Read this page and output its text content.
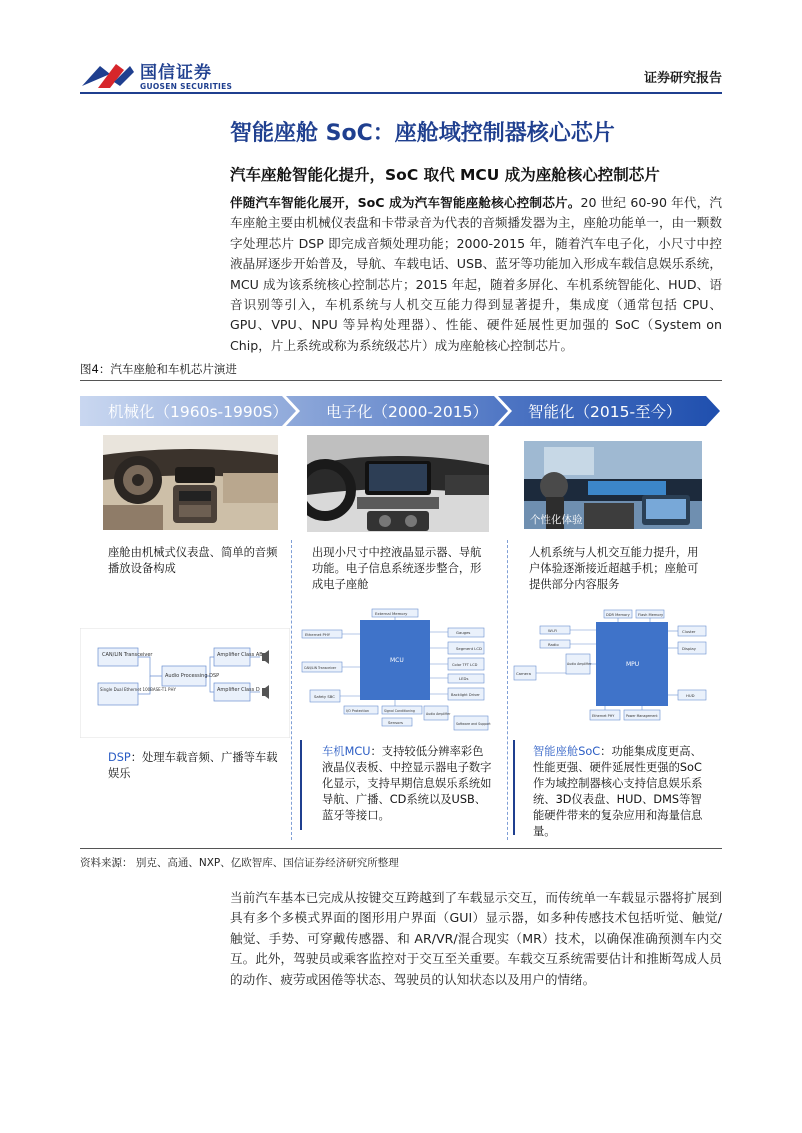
国信证券
GUOSEN SECURITIES
证券研究报告
智能座舱 SoC：座舱域控制器核心芯片
汽车座舱智能化提升，SoC 取代 MCU 成为座舱核心控制芯片
伴随汽车智能化展开，SoC 成为汽车智能座舱核心控制芯片。20 世纪 60-90 年代，汽车座舱主要由机械仪表盘和卡带录音为代表的音频播发器为主，座舱功能单一，由一颗数字处理芯片 DSP 即完成音频处理功能；2000-2015 年，随着汽车电子化，小尺寸中控液晶屏逐步开始普及，导航、车载电话、USB、蓝牙等功能加入形成车载信息娱乐系统，MCU 成为该系统核心控制芯片；2015 年起，随着多屏化、车机系统智能化、HUD、语音识别等引入，车机系统与人机交互能力得到显著提升，集成度（通常包括 CPU、GPU、VPU、NPU 等异构处理器）、性能、硬件延展性更加强的 SoC（System on Chip，片上系统或称为系统级芯片）成为座舱核心控制芯片。
图4：汽车座舱和车机芯片演进
机械化（1960s-1990S） 电子化（2000-2015）	智能化（2015-至今）
个性化体验
座舱由机械式仪表盘、简单的音频播放设备构成
出现小尺寸中控液晶显示器、导航功能。电子信息系统逐步整合，形成电子座舱
人机系统与人机交互能力提升，用户体验逐渐接近超越手机；座舱可提供部分内容服务
CAN/LIN Transceiver
Single Dual Ethernet 100BASE-T1 PHY
Audio Processing DSP
Amplifier Class AB
Amplifier Class D
MCU
External Memory
Ethernet PHY
CAN/LIN Transceiver
Safety SBC
I/O Protection	Signal Conditioning
Sensors
Audio Amplifier
Gauges
Segment LCD
Color TFT LCD
LEDs
Backlight Driver
Software and Support
MPU
DDR Memory Flash Memory
Wi-Fi
Radio
Audio Amplifier
Ethernet PHY
Camera
Cluster
Display
HUD
Power Management
DSP：处理车载音频、广播等车载娱乐
车机MCU：支持较低分辨率彩色液晶仪表板、中控显示器电子数字化显示，支持早期信息娱乐系统如导航、广播、CD系统以及USB、蓝牙等接口。
智能座舱SoC：功能集成度更高、性能更强、硬件延展性更强的SoC作为域控制器核心支持信息娱乐系统、3D仪表盘、HUD、DMS等智能硬件带来的复杂应用和海量信息量。
资料来源： 别克、高通、NXP、亿欧智库、国信证券经济研究所整理
当前汽车基本已完成从按键交互跨越到了车载显示交互，而传统单一车载显示器将扩展到具有多个多模式界面的图形用户界面（GUI）显示器，如多种传感技术包括听觉、触觉/触觉、手势、可穿戴传感器、和 AR/VR/混合现实（MR）技术，以确保准确预测车内交互。此外，驾驶员或乘客监控对于交互至关重要。车载交互系统需要估计和推断驾成人员的动作、疲劳或困倦等状态、驾驶员的认知状态以及用户的情绪。
